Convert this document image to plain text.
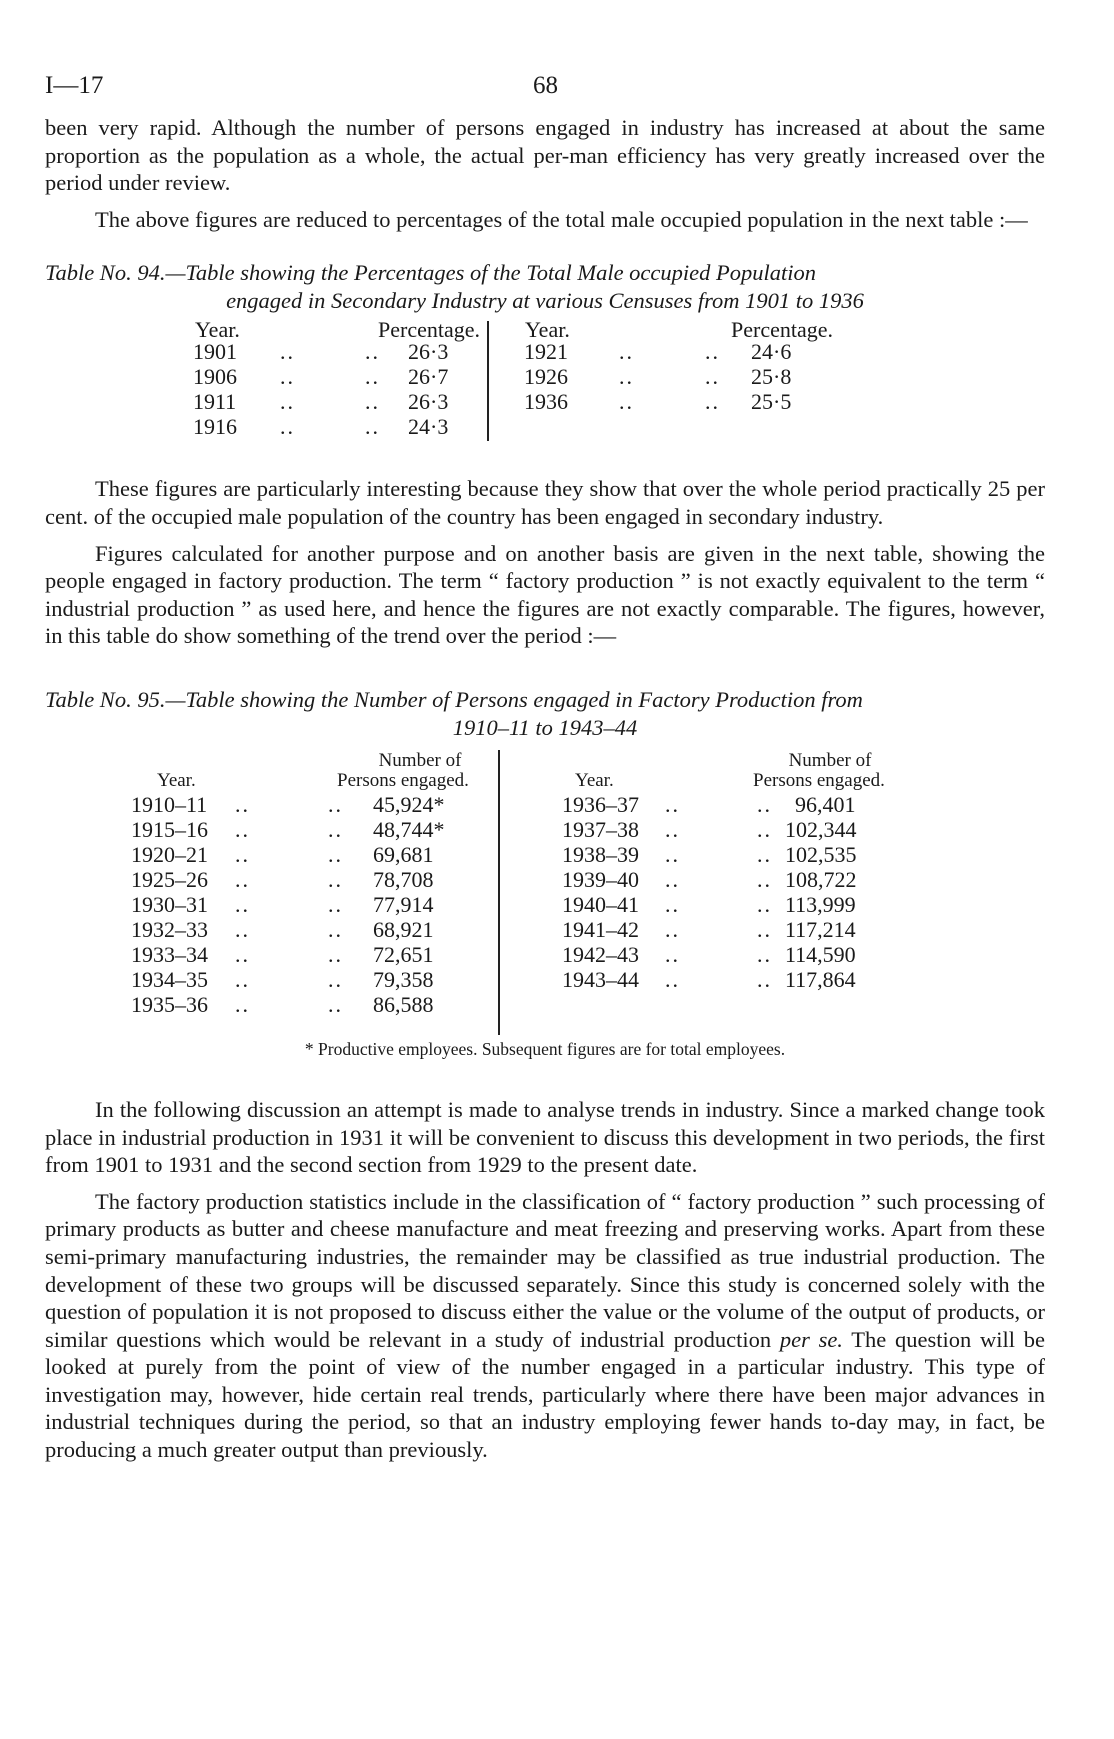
I—17	68

been very rapid. Although the number of persons engaged in industry has increased at about the same proportion as the population as a whole, the actual per-man efficiency has very greatly increased over the period under review.

The above figures are reduced to percentages of the total male occupied population in the next table :—

Table No. 94.—Table showing the Percentages of the Total Male occupied Population
engaged in Secondary Industry at various Censuses from 1901 to 1936
Year.	Percentage. Year.	Percentage.
1901 ..	.. 26·3
1906 ..	.. 26·7
1911 ..	.. 26·3
1916 ..	.. 24·3
1921 ..	.. 24·6
1926 ..	.. 25·8
1936 ..	.. 25·5

These figures are particularly interesting because they show that over the whole period practically 25 per cent. of the occupied male population of the country has been engaged in secondary industry.

Figures calculated for another purpose and on another basis are given in the next table, showing the people engaged in factory production. The term “ factory production ” is not exactly equivalent to the term “ industrial production ” as used here, and hence the figures are not exactly comparable. The figures, however, in this table do show something of the trend over the period :—

Table No. 95.—Table showing the Number of Persons engaged in Factory Production from
1910–11 to 1943–44
Number of
Year.	Persons engaged.
Number of
Year.	Persons engaged.
1910–11 ..	.. 45,924*
1915–16 ..	.. 48,744*
1920–21 ..	.. 69,681
1925–26 ..	.. 78,708
1930–31 ..	.. 77,914
1932–33 ..	.. 68,921
1933–34 ..	.. 72,651
1934–35 ..	.. 79,358
1935–36 ..	.. 86,588
1936–37 ..	.. 96,401
1937–38 ..	.. 102,344
1938–39 ..	.. 102,535
1939–40 ..	.. 108,722
1940–41 ..	.. 113,999
1941–42 ..	.. 117,214
1942–43 ..	.. 114,590
1943–44 ..	.. 117,864
* Productive employees. Subsequent figures are for total employees.

In the following discussion an attempt is made to analyse trends in industry. Since a marked change took place in industrial production in 1931 it will be convenient to discuss this development in two periods, the first from 1901 to 1931 and the second section from 1929 to the present date.

The factory production statistics include in the classification of “ factory production ” such processing of primary products as butter and cheese manufacture and meat freezing and preserving works. Apart from these semi-primary manufacturing industries, the remainder may be classified as true industrial production. The development of these two groups will be discussed separately. Since this study is concerned solely with the question of population it is not proposed to discuss either the value or the volume of the output of products, or similar questions which would be relevant in a study of industrial production per se. The question will be looked at purely from the point of view of the number engaged in a particular industry. This type of investigation may, however, hide certain real trends, particularly where there have been major advances in industrial techniques during the period, so that an industry employing fewer hands to-day may, in fact, be producing a much greater output than previously.
